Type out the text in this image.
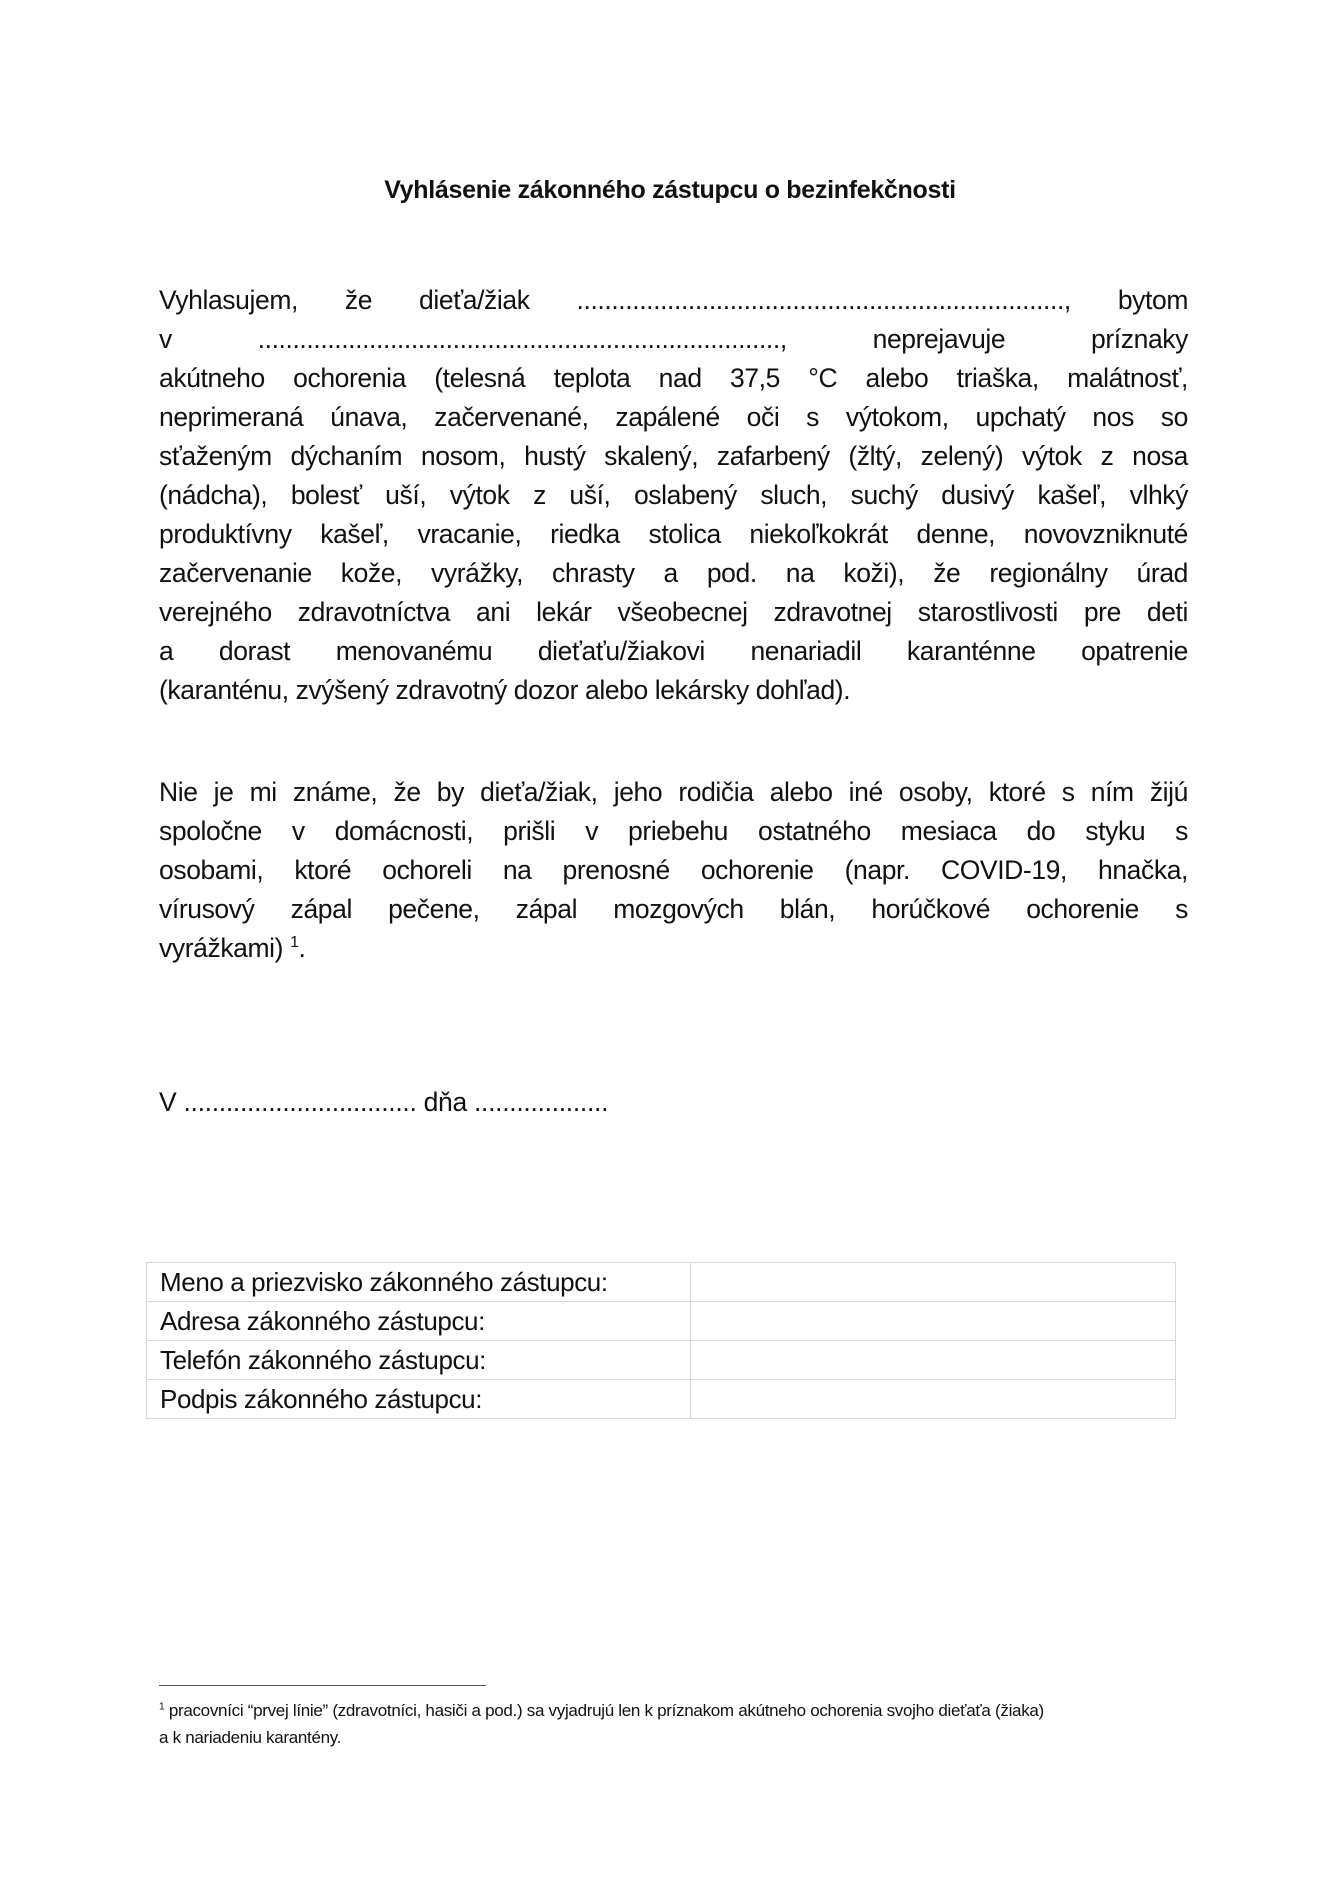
Vyhlásenie zákonného zástupcu o bezinfekčnosti
Vyhlasujem, že dieťa/žiak ......................................................................, bytom
v ..........................................................................., neprejavuje príznaky
akútneho ochorenia (telesná teplota nad 37,5 °C alebo triaška, malátnosť,
neprimeraná únava, začervenané, zapálené oči s výtokom, upchatý nos so
sťaženým dýchaním nosom, hustý skalený, zafarbený (žltý, zelený) výtok z nosa
(nádcha), bolesť uší, výtok z uší, oslabený sluch, suchý dusivý kašeľ, vlhký
produktívny kašeľ, vracanie, riedka stolica niekoľkokrát denne, novovzniknuté
začervenanie kože, vyrážky, chrasty a pod. na koži), že regionálny úrad
verejného zdravotníctva ani lekár všeobecnej zdravotnej starostlivosti pre deti
a dorast menovanému dieťaťu/žiakovi nenariadil karanténne opatrenie
(karanténu, zvýšený zdravotný dozor alebo lekársky dohľad).
Nie je mi známe, že by dieťa/žiak, jeho rodičia alebo iné osoby, ktoré s ním žijú
spoločne v domácnosti, prišli v priebehu ostatného mesiaca do styku s
osobami, ktoré ochoreli na prenosné ochorenie (napr. COVID-19, hnačka,
vírusový zápal pečene, zápal mozgových blán, horúčkové ochorenie s
vyrážkami) $^1$.
V ................................. dňa ...................
Meno a priezvisko zákonného zástupcu:	
Adresa zákonného zástupcu:	
Telefón zákonného zástupcu:	
Podpis zákonného zástupcu:	
$^1$ pracovníci “prvej línie” (zdravotníci, hasiči a pod.) sa vyjadrujú len k príznakom akútneho ochorenia svojho dieťaťa (žiaka)
a k nariadeniu karantény.
